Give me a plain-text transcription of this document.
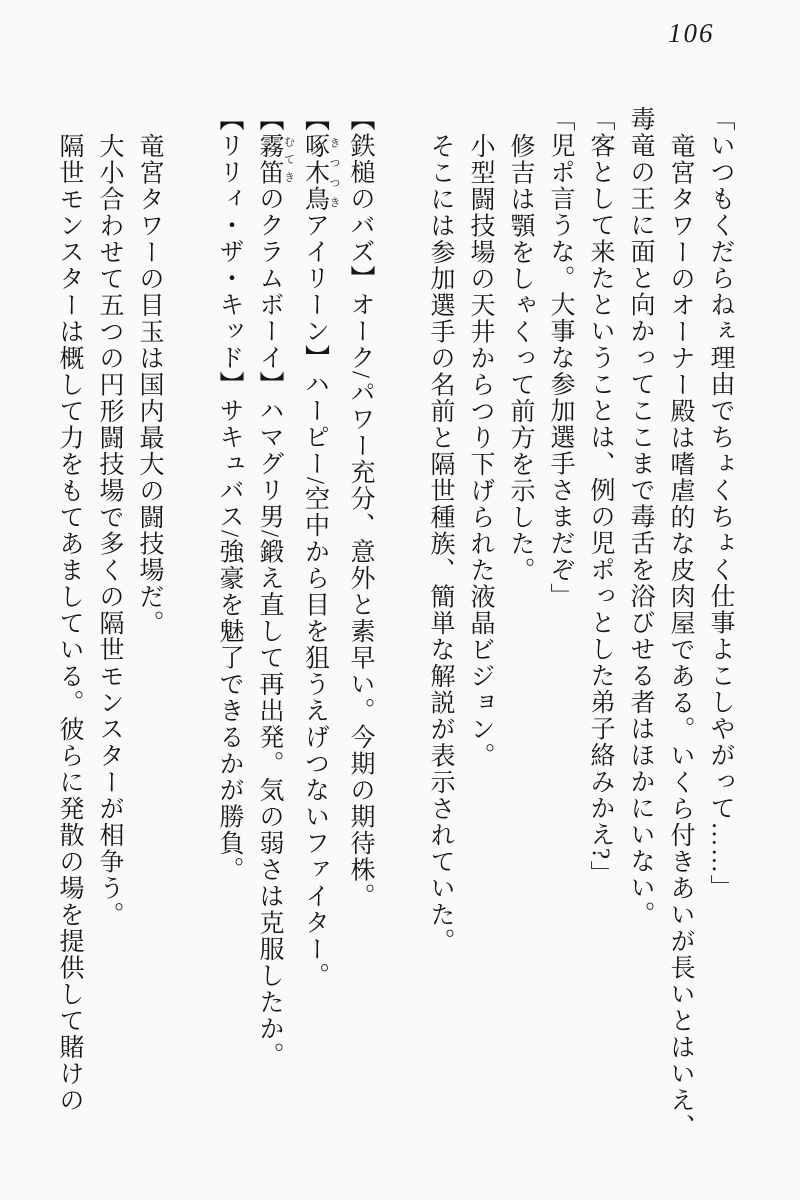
106

「いつもくだらねぇ理由でちょくちょく仕事よこしやがって……」

竜宮タワーのオーナー殿は嗜虐的な皮肉屋である。いくら付きあいが長いとはいえ、

毒竜の王に面と向かってここまで毒舌を浴びせる者はほかにいない。

「客として来たということは、例の児ポっとした弟子絡みかえ?」

「児ポ言うな。大事な参加選手さまだぞ」

修吉は顎をしゃくって前方を示した。

小型闘技場の天井からつり下げられた液晶ビジョン。

そこには参加選手の名前と隔世種族、簡単な解説が表示されていた。

【鉄槌のバズ】オーク/パワー充分、意外と素早い。今期の期待株。

【啄木鳥 きつつきアイリーン】ハーピー/空中から目を狙うえげつないファイター。

【霧笛 むてきのクラムボーイ】ハマグリ男/鍛え直して再出発。気の弱さは克服したか。

【リリィ・ザ・キッド】サキュバス/強豪を魅了できるかが勝負。

竜宮タワーの目玉は国内最大の闘技場だ。

大小合わせて五つの円形闘技場で多くの隔世モンスターが相争う。

隔世モンスターは概して力をもてあましている。彼らに発散の場を提供して賭けの
